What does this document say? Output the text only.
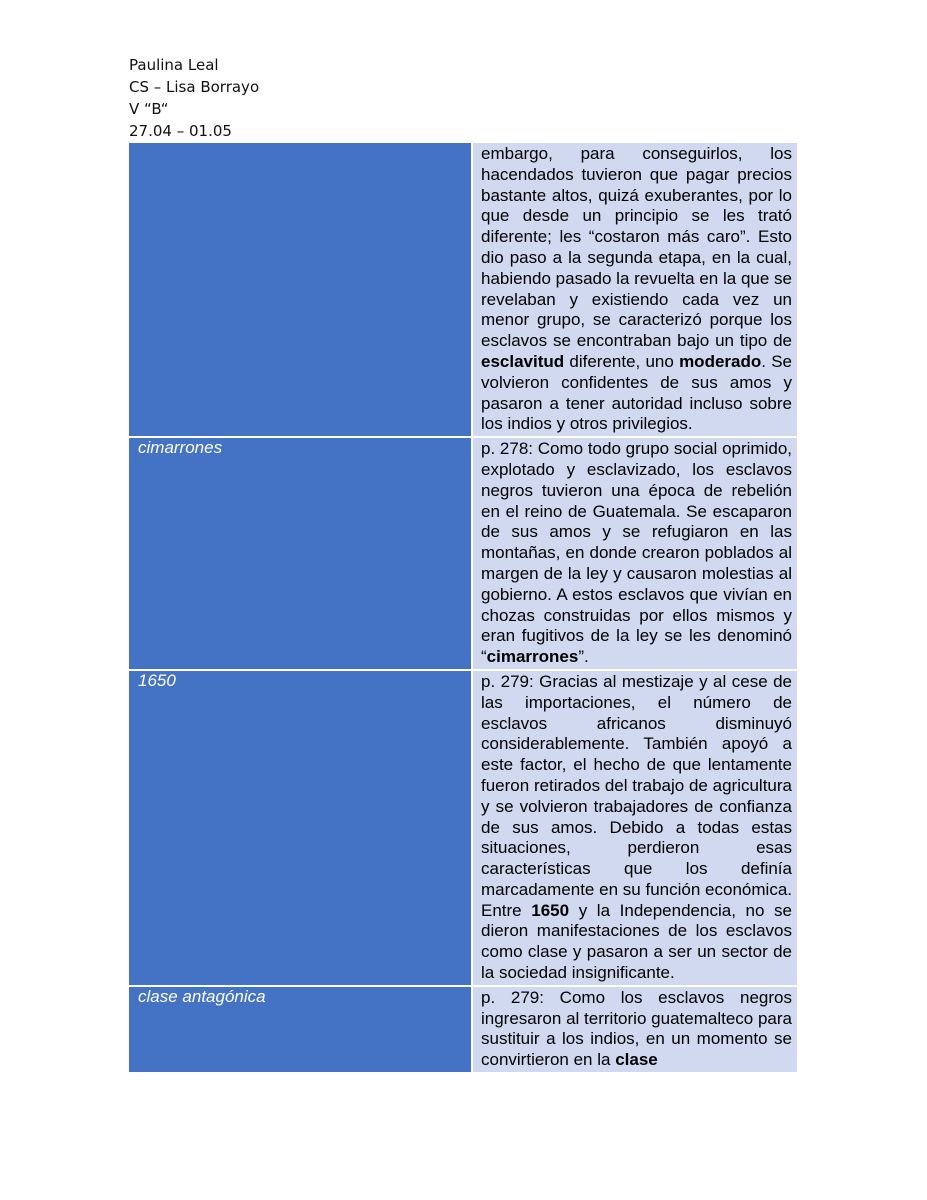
Paulina Leal
CS – Lisa Borrayo
V “B“
27.04 – 01.05
	embargo, para conseguirlos, los hacendados tuvieron que pagar precios bastante altos, quizá exuberantes, por lo que desde un principio se les trató diferente; les “costaron más caro”. Esto dio paso a la segunda etapa, en la cual, habiendo pasado la revuelta en la que se revelaban y existiendo cada vez un menor grupo, se caracterizó porque los esclavos se encontraban bajo un tipo de esclavitud diferente, uno moderado. Se volvieron confidentes de sus amos y pasaron a tener autoridad incluso sobre los indios y otros privilegios.
cimarrones	p. 278: Como todo grupo social oprimido, explotado y esclavizado, los esclavos negros tuvieron una época de rebelión en el reino de Guatemala. Se escaparon de sus amos y se refugiaron en las montañas, en donde crearon poblados al margen de la ley y causaron molestias al gobierno. A estos esclavos que vivían en chozas construidas por ellos mismos y eran fugitivos de la ley se les denominó “cimarrones”.
1650	p. 279: Gracias al mestizaje y al cese de las importaciones, el número de esclavos africanos disminuyó considerablemente. También apoyó a este factor, el hecho de que lentamente fueron retirados del trabajo de agricultura y se volvieron trabajadores de confianza de sus amos. Debido a todas estas situaciones, perdieron esas características que los definía marcadamente en su función económica. Entre 1650 y la Independencia, no se dieron manifestaciones de los esclavos como clase y pasaron a ser un sector de la sociedad insignificante.
clase antagónica	p. 279: Como los esclavos negros ingresaron al territorio guatemalteco para sustituir a los indios, en un momento se convirtieron en la clase
